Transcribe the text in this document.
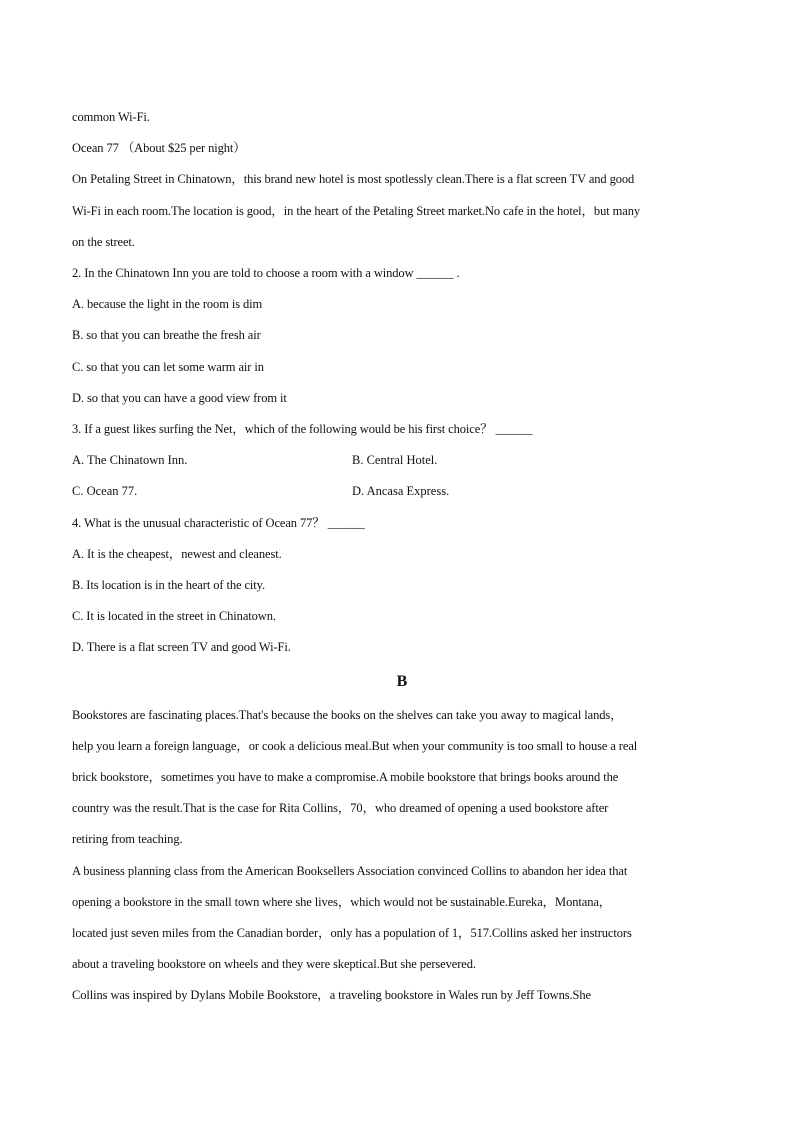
common Wi-Fi.
Ocean 77 （About $25 per night）
On Petaling Street in Chinatown，this brand new hotel is most spotlessly clean.There is a flat screen TV and good
Wi-Fi in each room.The location is good，in the heart of the Petaling Street market.No cafe in the hotel，but many
on the street.
2. In the Chinatown Inn you are told to choose a room with a window ______ .
A. because the light in the room is dim
B. so that you can breathe the fresh air
C. so that you can let some warm air in
D. so that you can have a good view from it
3. If a guest likes surfing the Net，which of the following would be his first choice？ ______
A. The Chinatown Inn.	B. Central Hotel.
C. Ocean 77.	D. Ancasa Express.
4. What is the unusual characteristic of Ocean 77？ ______
A. It is the cheapest，newest and cleanest.
B. Its location is in the heart of the city.
C. It is located in the street in Chinatown.
D. There is a flat screen TV and good Wi-Fi.
B
Bookstores are fascinating places.That's because the books on the shelves can take you away to magical lands，
help you learn a foreign language，or cook a delicious meal.But when your community is too small to house a real
brick bookstore，sometimes you have to make a compromise.A mobile bookstore that brings books around the
country was the result.That is the case for Rita Collins，70，who dreamed of opening a used bookstore after
retiring from teaching.
A business planning class from the American Booksellers Association convinced Collins to abandon her idea that
opening a bookstore in the small town where she lives，which would not be sustainable.Eureka，Montana，
located just seven miles from the Canadian border，only has a population of 1，517.Collins asked her instructors
about a traveling bookstore on wheels and they were skeptical.But she persevered.
Collins was inspired by Dylans Mobile Bookstore，a traveling bookstore in Wales run by Jeff Towns.She
